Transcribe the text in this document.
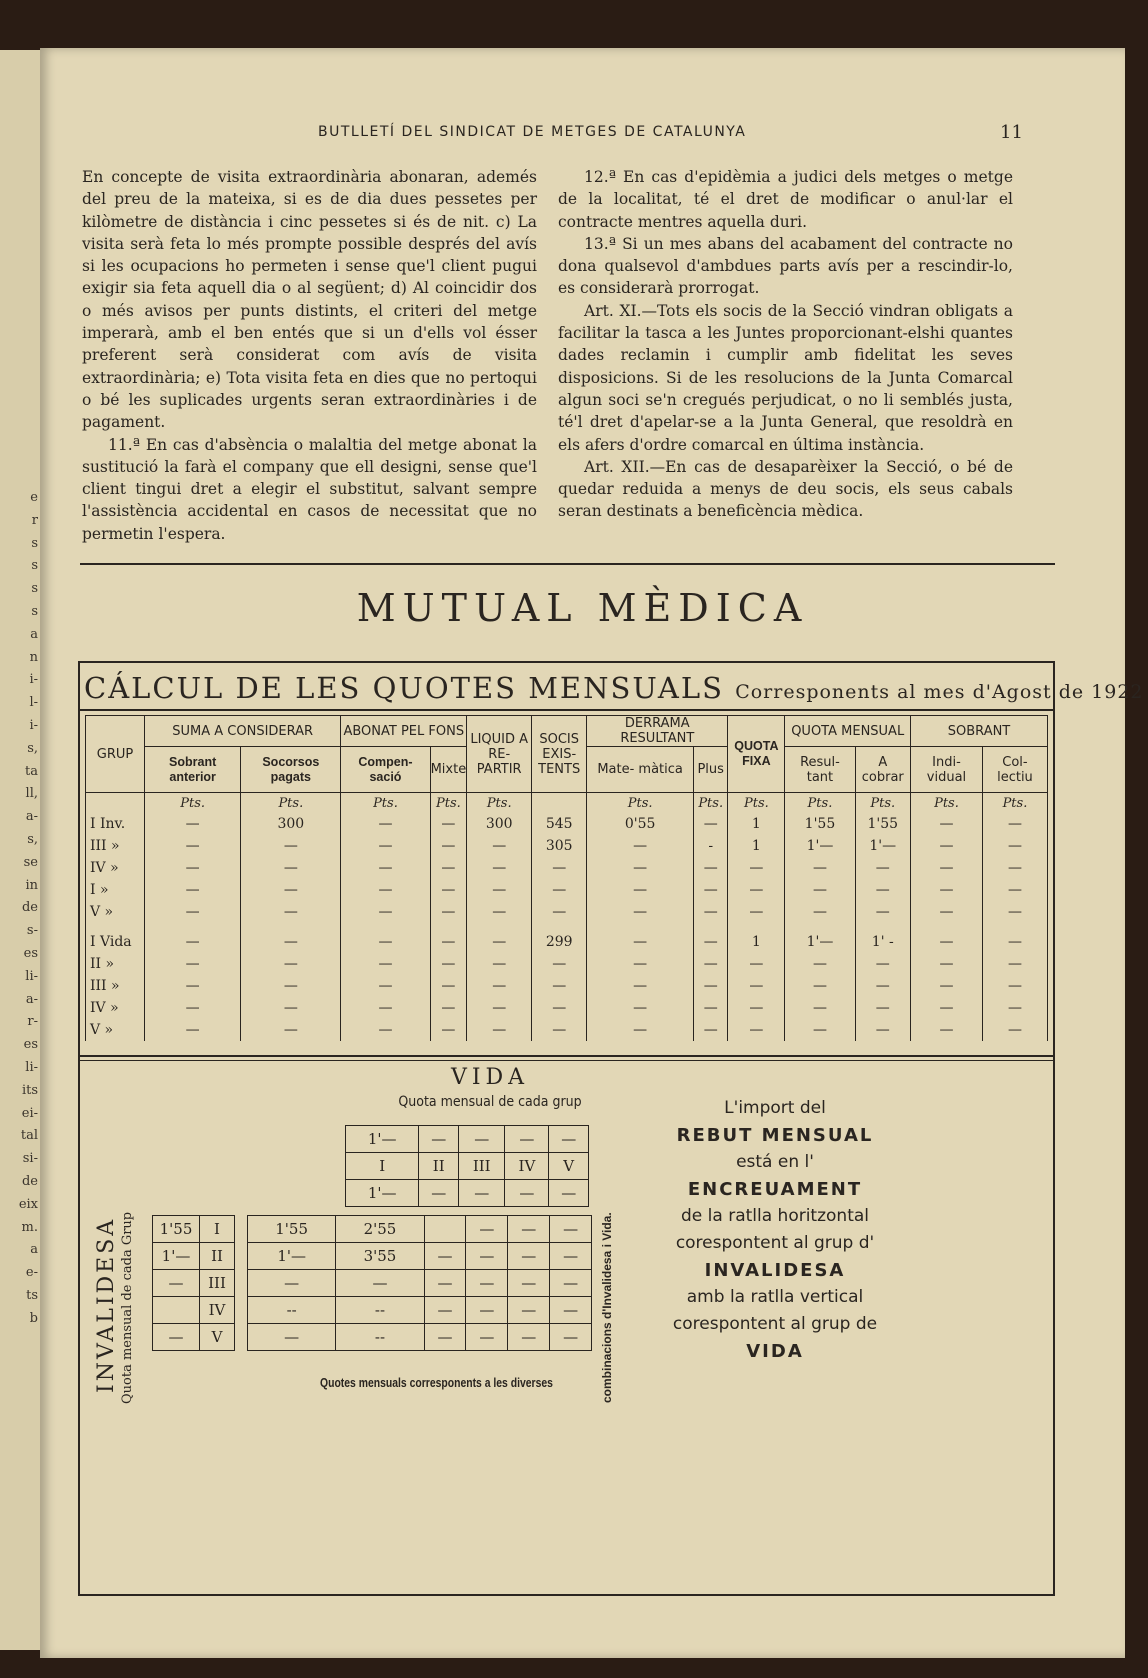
e
r
s
s
s
s
a
n
i-
l-
i-
s,
ta
ll,
a-
s,
se
in
de
s-
es
li-
a-
r-
es
li-
its
ei-
tal
si-
de
eix
m.
a
e-
ts
b
BUTLLETÍ DEL SINDICAT DE METGES DE CATALUNYA	11

En concepte de visita extraordinària abonaran, ademés del preu de la mateixa, si es de dia dues pessetes per kilòmetre de distància i cinc pessetes si és de nit. c) La visita serà feta lo més prompte possible després del avís si les ocupacions ho permeten i sense que'l client pugui exigir sia feta aquell dia o al següent; d) Al coincidir dos o més avisos per punts distints, el criteri del metge imperarà, amb el ben entés que si un d'ells vol ésser preferent serà considerat com avís de visita extraordinària; e) Tota visita feta en dies que no pertoqui o bé les suplicades urgents seran extraordinàries i de pagament.

11.ª En cas d'absència o malaltia del metge abonat la sustitució la farà el company que ell designi, sense que'l client tingui dret a elegir el substitut, salvant sempre l'assistència accidental en casos de necessitat que no permetin l'espera.

12.ª En cas d'epidèmia a judici dels metges o metge de la localitat, té el dret de modificar o anul·lar el contracte mentres aquella duri.

13.ª Si un mes abans del acabament del contracte no dona qualsevol d'ambdues parts avís per a rescindir-lo, es considerarà prorrogat.

Art. XI.—Tots els socis de la Secció vindran obligats a facilitar la tasca a les Juntes proporcionant-elshi quantes dades reclamin i cumplir amb fidelitat les seves disposicions. Si de les resolucions de la Junta Comarcal algun soci se'n cregués perjudicat, o no li semblés justa, té'l dret d'apelar-se a la Junta General, que resoldrà en els afers d'ordre comarcal en última instància.

Art. XII.—En cas de desaparèixer la Secció, o bé de quedar reduida a menys de deu socis, els seus cabals seran destinats a beneficència mèdica.

MUTUAL MÈDICA
CÁLCUL DE LES QUOTES MENSUALS Corresponents al mes d'Agost de 1922
GRUP	SUMA A CONSIDERAR		ABONAT PEL FONS		LIQUID A RE- PARTIR	SOCIS EXIS- TENTS	DERRAMA RESULTANT		QUOTA FIXA	QUOTA MENSUAL		SOBRANT	
	Sobrant anterior	Socorsos pagats	Compen- sació	Mixte			Mate- màtica	Plus		Resul- tant	A cobrar	Indi- vidual	Col- lectiu
	Pts.	Pts.	Pts.	Pts.	Pts.		Pts.	Pts.	Pts.	Pts.	Pts.	Pts.	Pts.
I Inv.	—	300	—	—	300	545	0'55	—	1	1'55	1'55	—	—
III »	—	—	—	—	—	305	—	-	1	1'—	1'—	—	—
IV »	—	—	—	—	—	—	—	—	—	—	—	—	—
I »	—	—	—	—	—	—	—	—	—	—	—	—	—
V »	—	—	—	—	—	—	—	—	—	—	—	—	—

I Vida	—	—	—	—	—	299	—	—	1	1'—	1' -	—	—
II »	—	—	—	—	—	—	—	—	—	—	—	—	—
III »	—	—	—	—	—	—	—	—	—	—	—	—	—
IV »	—	—	—	—	—	—	—	—	—	—	—	—	—
V »	—	—	—	—	—	—	—	—	—	—	—	—	—
VIDA
Quota mensual de cada grup
1'—	—	—	—	—
I	II	III	IV	V
1'—	—	—	—	—
INVALIDESA Quota mensual de cada Grup 1'55	I		1'55	2'55		—	—	—
1'—	II		1'—	3'55	—	—	—	—
—	III		—	—	—	—	—	—
	IV		--	--	—	—	—	—
—	V		—	--	—	—	—	— combinacions d'Invalidesa i Vida.
Quotes mensuals corresponents a les diverses
L'import del
REBUT MENSUAL
está en l'
ENCREUAMENT
de la ratlla horitzontal
corespontent al grup d'
INVALIDESA
amb la ratlla vertical
corespontent al grup de
VIDA
